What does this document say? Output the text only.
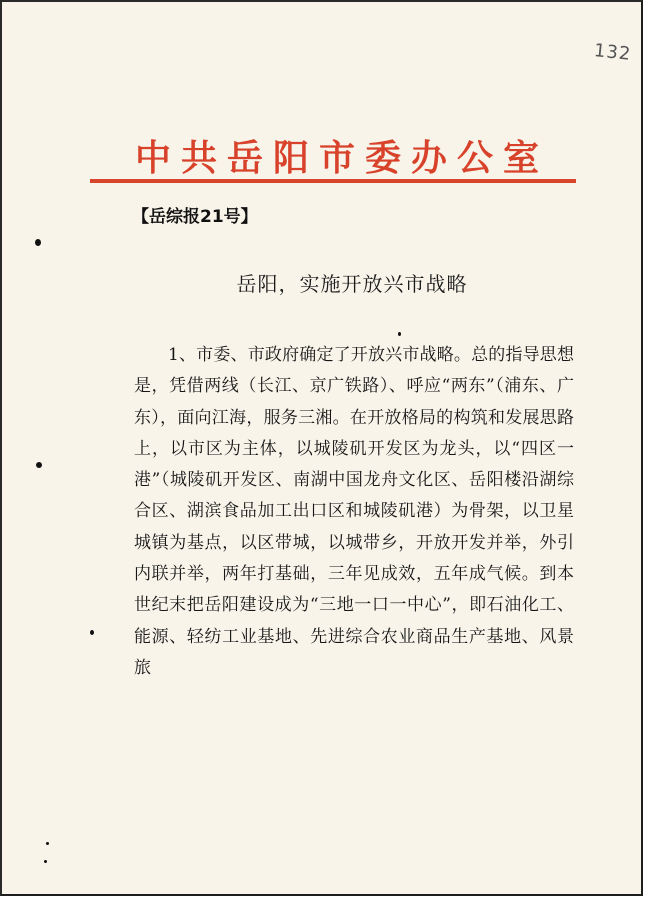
132
中共岳阳市委办公室
【岳综报21号】
岳阳，实施开放兴市战略

1、市委、市政府确定了开放兴市战略。总的指导思想是，凭借两线（长江、京广铁路）、呼应“两东”（浦东、广东），面向江海，服务三湘。在开放格局的构筑和发展思路上，以市区为主体，以城陵矶开发区为龙头，以“四区一港”（城陵矶开发区、南湖中国龙舟文化区、岳阳楼沿湖综合区、湖滨食品加工出口区和城陵矶港）为骨架，以卫星城镇为基点，以区带城，以城带乡，开放开发并举，外引内联并举，两年打基础，三年见成效，五年成气候。到本世纪末把岳阳建设成为“三地一口一中心”，即石油化工、能源、轻纺工业基地、先进综合农业商品生产基地、风景旅
